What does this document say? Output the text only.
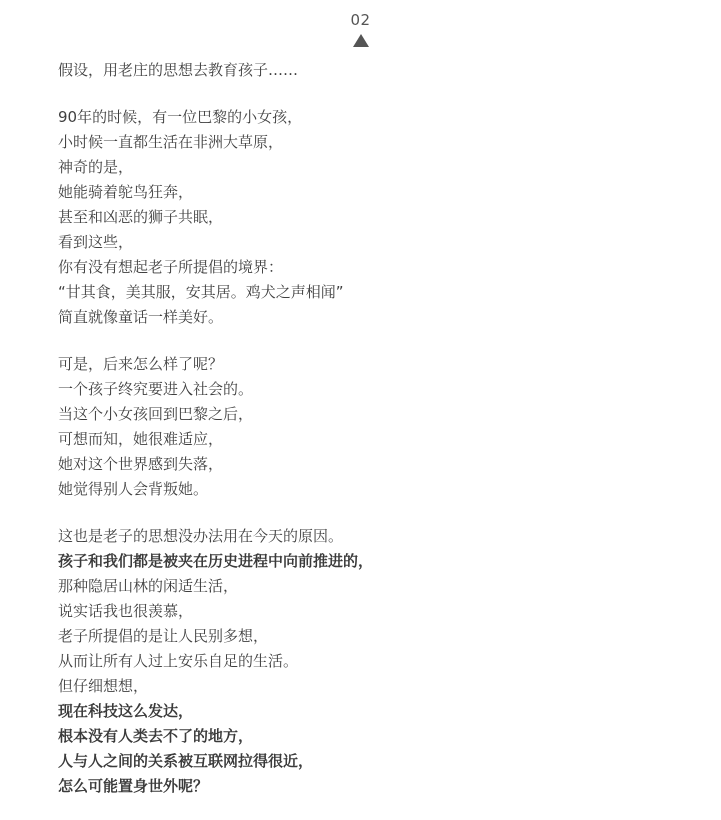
02
假设，用老庄的思想去教育孩子……
90年的时候，有一位巴黎的小女孩，
小时候一直都生活在非洲大草原，
神奇的是，
她能骑着鸵鸟狂奔，
甚至和凶恶的狮子共眠，
看到这些，
你有没有想起老子所提倡的境界：
“甘其食，美其服，安其居。鸡犬之声相闻”
简直就像童话一样美好。
可是，后来怎么样了呢？
一个孩子终究要进入社会的。
当这个小女孩回到巴黎之后，
可想而知，她很难适应，
她对这个世界感到失落，
她觉得别人会背叛她。
这也是老子的思想没办法用在今天的原因。
孩子和我们都是被夹在历史进程中向前推进的，
那种隐居山林的闲适生活，
说实话我也很羡慕，
老子所提倡的是让人民别多想，
从而让所有人过上安乐自足的生活。
但仔细想想，
现在科技这么发达，
根本没有人类去不了的地方，
人与人之间的关系被互联网拉得很近，
怎么可能置身世外呢？
